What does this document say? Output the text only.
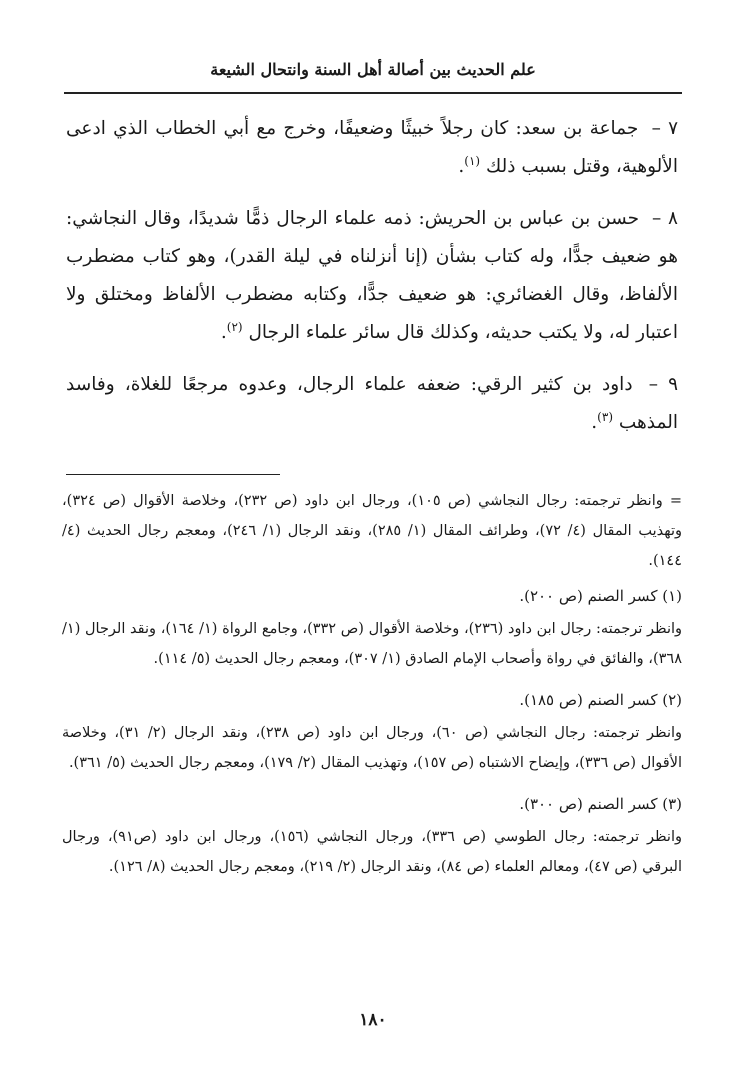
علم الحديث بين أصالة أهل السنة وانتحال الشيعة

٧ – جماعة بن سعد: كان رجلاً خبيثًا وضعيفًا، وخرج مع أبي الخطاب الذي ادعى الألوهية، وقتل بسبب ذلك $^{(١)}$.

٨ – حسن بن عباس بن الحريش: ذمه علماء الرجال ذمًّا شديدًا، وقال النجاشي: هو ضعيف جدًّا، وله كتاب بشأن (إنا أنزلناه في ليلة القدر)، وهو كتاب مضطرب الألفاظ، وقال الغضائري: هو ضعيف جدًّا، وكتابه مضطرب الألفاظ ومختلق ولا اعتبار له، ولا يكتب حديثه، وكذلك قال سائر علماء الرجال $^{(٢)}$.

٩ – داود بن كثير الرقي: ضعفه علماء الرجال، وعدوه مرجعًا للغلاة، وفاسد المذهب $^{(٣)}$.

= وانظر ترجمته: رجال النجاشي (ص ١٠٥)، ورجال ابن داود (ص ٢٣٢)، وخلاصة الأقوال (ص ٣٢٤)، وتهذيب المقال (٤/ ٧٢)، وطرائف المقال (١/ ٢٨٥)، ونقد الرجال (١/ ٢٤٦)، ومعجم رجال الحديث (٤/ ١٤٤).

(١) كسر الصنم (ص ٢٠٠).

وانظر ترجمته: رجال ابن داود (٢٣٦)، وخلاصة الأقوال (ص ٣٣٢)، وجامع الرواة (١/ ١٦٤)، ونقد الرجال (١/ ٣٦٨)، والفائق في رواة وأصحاب الإمام الصادق (١/ ٣٠٧)، ومعجم رجال الحديث (٥/ ١١٤).

(٢) كسر الصنم (ص ١٨٥).

وانظر ترجمته: رجال النجاشي (ص ٦٠)، ورجال ابن داود (ص ٢٣٨)، ونقد الرجال (٢/ ٣١)، وخلاصة الأقوال (ص ٣٣٦)، وإيضاح الاشتباه (ص ١٥٧)، وتهذيب المقال (٢/ ١٧٩)، ومعجم رجال الحديث (٥/ ٣٦١).

(٣) كسر الصنم (ص ٣٠٠).

وانظر ترجمته: رجال الطوسي (ص ٣٣٦)، ورجال النجاشي (١٥٦)، ورجال ابن داود (ص٩١)، ورجال البرقي (ص ٤٧)، ومعالم العلماء (ص ٨٤)، ونقد الرجال (٢/ ٢١٩)، ومعجم رجال الحديث (٨/ ١٢٦).

١٨٠
